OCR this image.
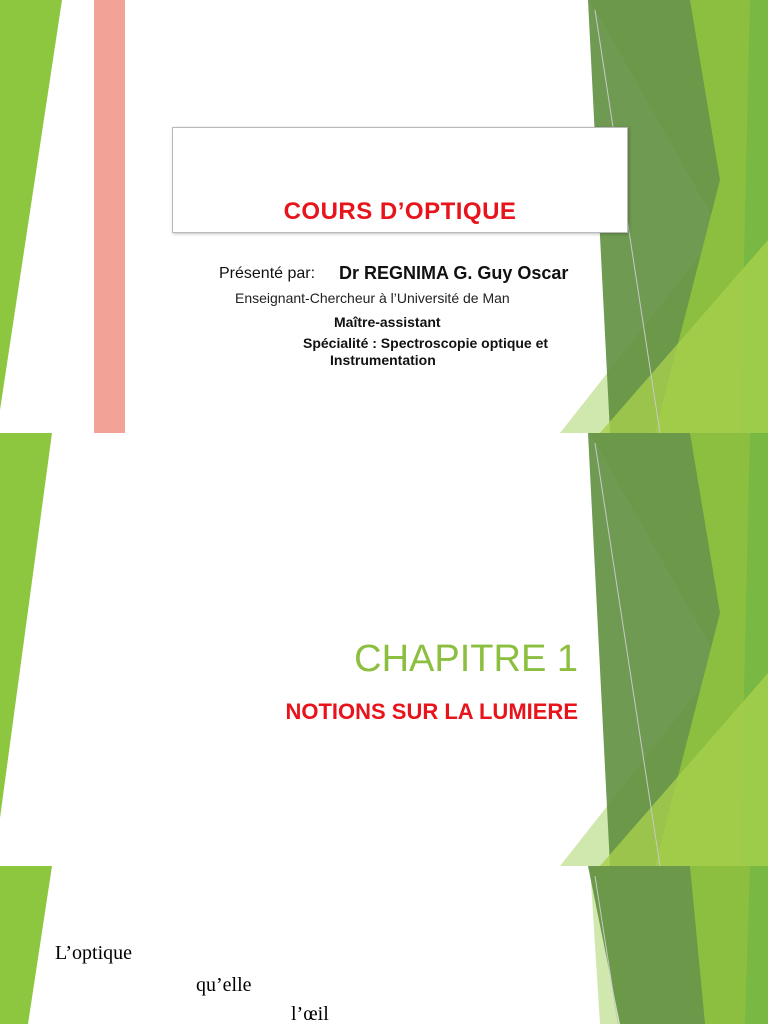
COURS D’OPTIQUE
Présenté par: Dr REGNIMA G. Guy Oscar
Enseignant-Chercheur à l’Université de Man
Maître-assistant
Spécialité : Spectroscopie optique et
Instrumentation
CHAPITRE 1
NOTIONS SUR LA LUMIERE
L’optique
qu’elle
l’œil
